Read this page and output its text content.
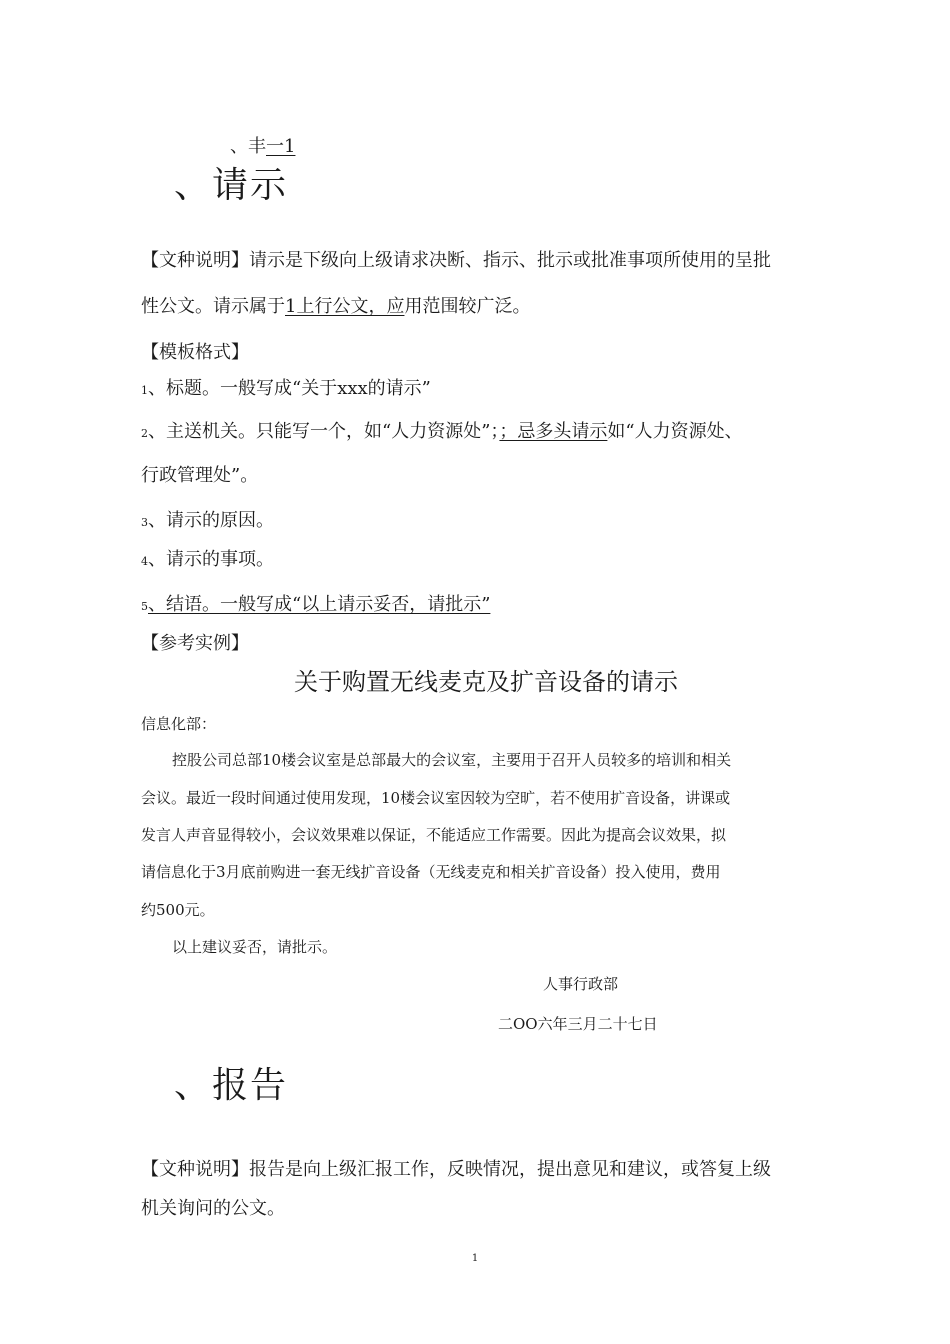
、丰一1
、请示
【文种说明】请示是下级向上级请求决断、指示、批示或批准事项所使用的呈批
性公文。请示属于1上行公文，应用范围较广泛。
【模板格式】
1、标题。一般写成“关于xxx的请示”
2、主送机关。只能写一个，如“人力资源处”；；忌多头请示如“人力资源处、
行政管理处”。
3、请示的原因。
4、请示的事项。
5、结语。一般写成“以上请示妥否，请批示”
【参考实例】
关于购置无线麦克及扩音设备的请示
信息化部：
控股公司总部10楼会议室是总部最大的会议室，主要用于召开人员较多的培训和相关
会议。最近一段时间通过使用发现，10楼会议室因较为空旷，若不使用扩音设备，讲课或
发言人声音显得较小，会议效果难以保证，不能适应工作需要。因此为提高会议效果，拟
请信息化于3月底前购进一套无线扩音设备（无线麦克和相关扩音设备）投入使用，费用
约500元。
以上建议妥否，请批示。
人事行政部
二OO六年三月二十七日
、报告
【文种说明】报告是向上级汇报工作，反映情况，提出意见和建议，或答复上级
机关询问的公文。
1
